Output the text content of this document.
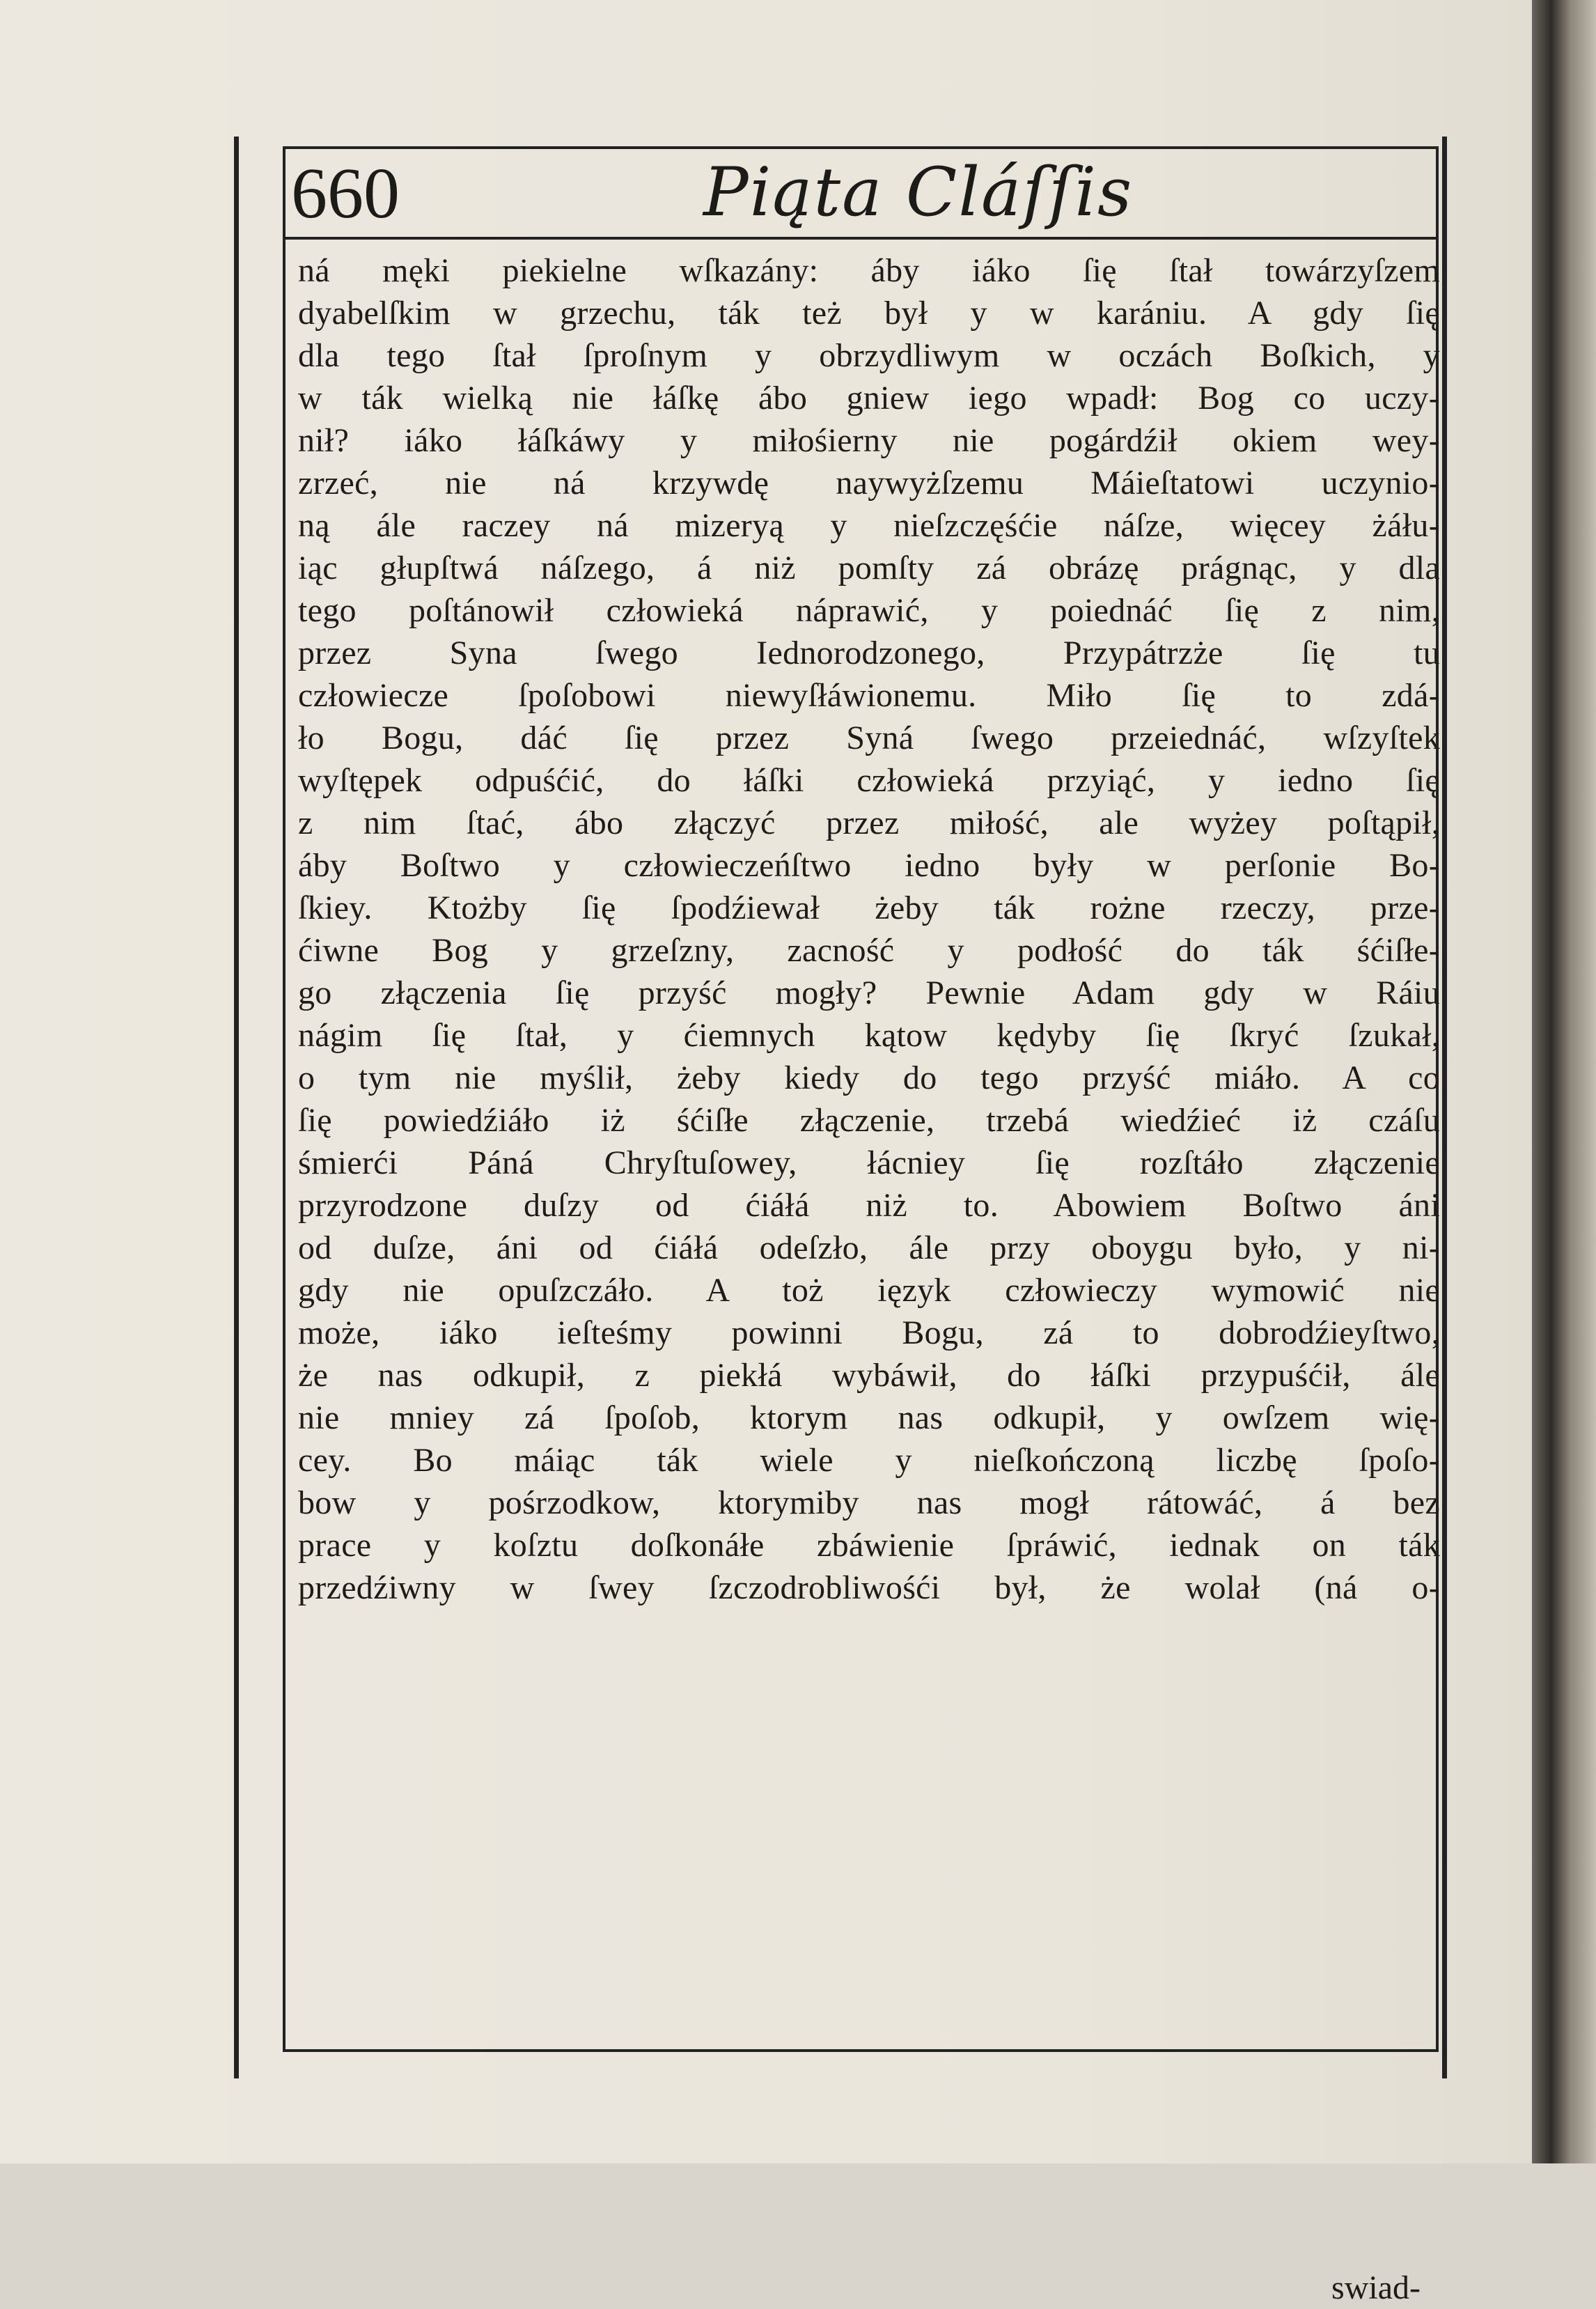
660	Piąta Cláſſis
ná męki piekielne wſkazány: áby iáko ſię ſtał towárzyſzem
dyabelſkim w grzechu, ták też był y w karániu. A gdy ſię
dla tego ſtał ſproſnym y obrzydliwym w oczách Boſkich, y
w ták wielką nie łáſkę ábo gniew iego wpadł: Bog co uczy-
nił? iáko łáſkáwy y miłośierny nie pogárdźił okiem wey-
zrzeć, nie ná krzywdę naywyżſzemu Máieſtatowi uczynio-
ną ále raczey ná mizeryą y nieſzczęśćie náſze, więcey żáłu-
iąc głupſtwá náſzego, á niż pomſty zá obrázę prágnąc, y dla
tego poſtánowił człowieká náprawić, y poiednáć ſię z nim,
przez Syna ſwego Iednorodzonego, Przypátrzże ſię tu
człowiecze ſpoſobowi niewyſłáwionemu. Miło ſię to zdá-
ło Bogu, dáć ſię przez Syná ſwego przeiednáć, wſzyſtek
wyſtępek odpuśćić, do łáſki człowieká przyiąć, y iedno ſię
z nim ſtać, ábo złączyć przez miłość, ale wyżey poſtąpił,
áby Boſtwo y człowieczeńſtwo iedno były w perſonie Bo-
ſkiey. Ktożby ſię ſpodźiewał żeby ták rożne rzeczy, prze-
ćiwne Bog y grzeſzny, zacność y podłość do ták śćiſłe-
go złączenia ſię przyść mogły? Pewnie Adam gdy w Ráiu
nágim ſię ſtał, y ćiemnych kątow kędyby ſię ſkryć ſzukał,
o tym nie myślił, żeby kiedy do tego przyść miáło. A co
ſię powiedźiáło iż śćiſłe złączenie, trzebá wiedźieć iż czáſu
śmierći Páná Chryſtuſowey, łácniey ſię rozſtáło złączenie
przyrodzone duſzy od ćiáłá niż to. Abowiem Boſtwo áni
od duſze, áni od ćiáłá odeſzło, ále przy oboygu było, y ni-
gdy nie opuſzczáło. A toż ięzyk człowieczy wymowić nie
może, iáko ieſteśmy powinni Bogu, zá to dobrodźieyſtwo,
że nas odkupił, z piekłá wybáwił, do łáſki przypuśćił, ále
nie mniey zá ſpoſob, ktorym nas odkupił, y owſzem wię-
cey. Bo máiąc ták wiele y nieſkończoną liczbę ſpoſo-
bow y pośrzodkow, ktorymiby nas mogł rátowáć, á bez
prace y koſztu doſkonáłe zbáwienie ſpráwić, iednak on ták
przedźiwny w ſwey ſzczodrobliwośći był, że wolał (ná o-
swiad-
